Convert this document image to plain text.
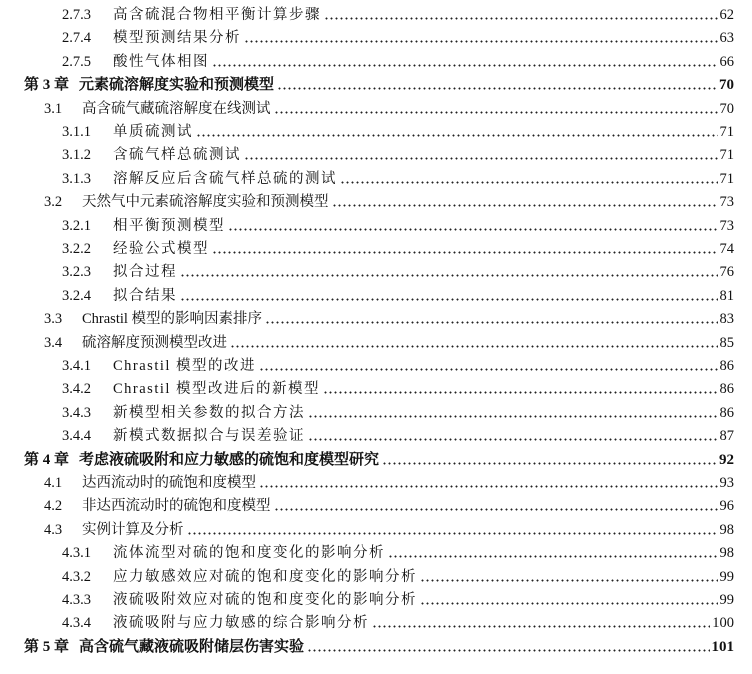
2.7.3	高含硫混合物相平衡计算步骤	62
2.7.4	模型预测结果分析	63
2.7.5	酸性气体相图	66
第 3 章 元素硫溶解度实验和预测模型	70
3.1	高含硫气藏硫溶解度在线测试	70
3.1.1	单质硫测试	71
3.1.2	含硫气样总硫测试	71
3.1.3	溶解反应后含硫气样总硫的测试	71
3.2	天然气中元素硫溶解度实验和预测模型	73
3.2.1	相平衡预测模型	73
3.2.2	经验公式模型	74
3.2.3	拟合过程	76
3.2.4	拟合结果	81
3.3	Chrastil 模型的影响因素排序	83
3.4	硫溶解度预测模型改进	85
3.4.1	Chrastil 模型的改进	86
3.4.2	Chrastil 模型改进后的新模型	86
3.4.3	新模型相关参数的拟合方法	86
3.4.4	新模式数据拟合与误差验证	87
第 4 章 考虑液硫吸附和应力敏感的硫饱和度模型研究	92
4.1	达西流动时的硫饱和度模型	93
4.2	非达西流动时的硫饱和度模型	96
4.3	实例计算及分析	98
4.3.1	流体流型对硫的饱和度变化的影响分析	98
4.3.2	应力敏感效应对硫的饱和度变化的影响分析	99
4.3.3	液硫吸附效应对硫的饱和度变化的影响分析	99
4.3.4	液硫吸附与应力敏感的综合影响分析	100
第 5 章 高含硫气藏液硫吸附储层伤害实验	101
